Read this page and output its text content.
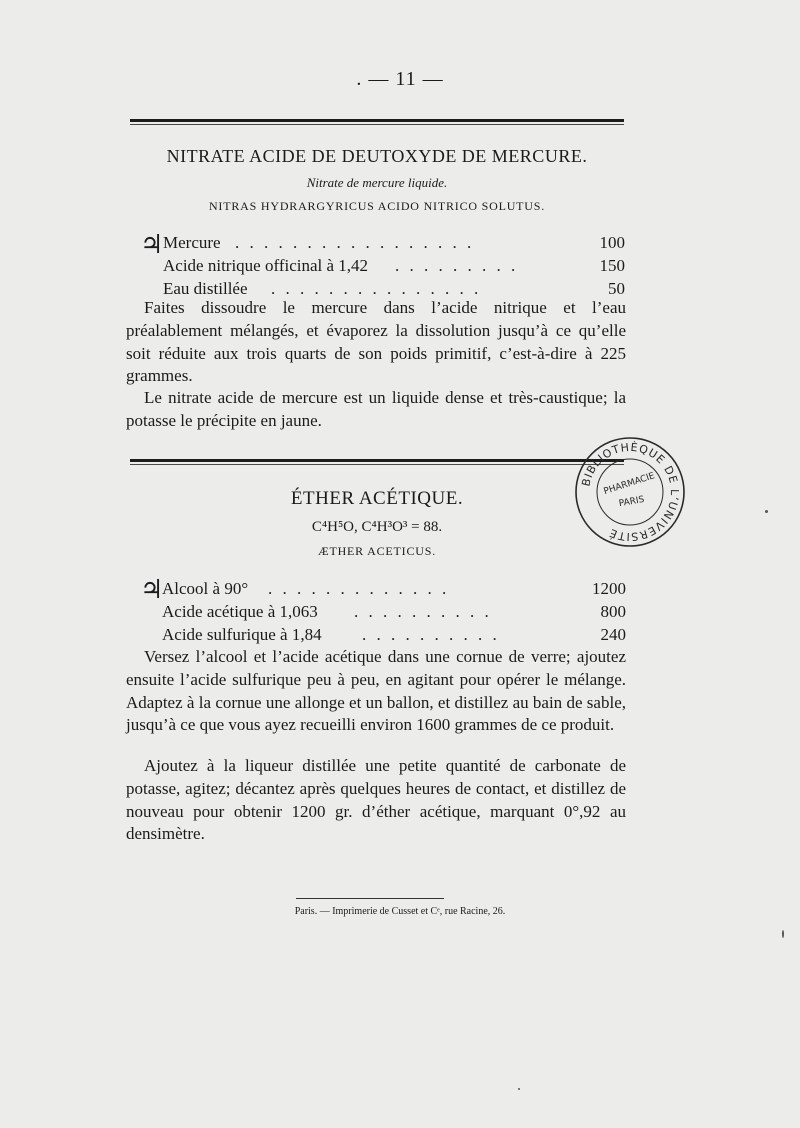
. — 11 —
NITRATE ACIDE DE DEUTOXYDE DE MERCURE.
Nitrate de mercure liquide.
NITRAS HYDRARGYRICUS ACIDO NITRICO SOLUTUS.
♃ Mercure . . . . . . . . . . . . . . . . .	100
Acide nitrique officinal à 1,42 . . . . . . . . .	150
Eau distillée . . . . . . . . . . . . . . .	50

Faites dissoudre le mercure dans l’acide nitrique et l’eau préalablement mélangés, et évaporez la dissolution jusqu’à ce qu’elle soit réduite aux trois quarts de son poids primitif, c’est-à-dire à 225 grammes.

Le nitrate acide de mercure est un liquide dense et très-caustique; la potasse le précipite en jaune.

BIBLIOTHÈQUE DE L’UNIVERSITÉ
PHARMACIE
PARIS
ÉTHER ACÉTIQUE.
C⁴H⁵O, C⁴H³O³ = 88.
ÆTHER ACETICUS.
♃
Alcool à 90° . . . . . . . . . . . . .	1200
Acide acétique à 1,063 . . . . . . . . . .	800
Acide sulfurique à 1,84 . . . . . . . . . .	240

Versez l’alcool et l’acide acétique dans une cornue de verre; ajoutez ensuite l’acide sulfurique peu à peu, en agitant pour opérer le mélange. Adaptez à la cornue une allonge et un ballon, et distillez au bain de sable, jusqu’à ce que vous ayez recueilli environ 1600 grammes de ce produit.

Ajoutez à la liqueur distillée une petite quantité de carbonate de potasse, agitez; décantez après quelques heures de contact, et distillez de nouveau pour obtenir 1200 gr. d’éther acétique, marquant 0°,92 au densimètre.

Paris. — Imprimerie de Cusset et Cᵉ, rue Racine, 26.
